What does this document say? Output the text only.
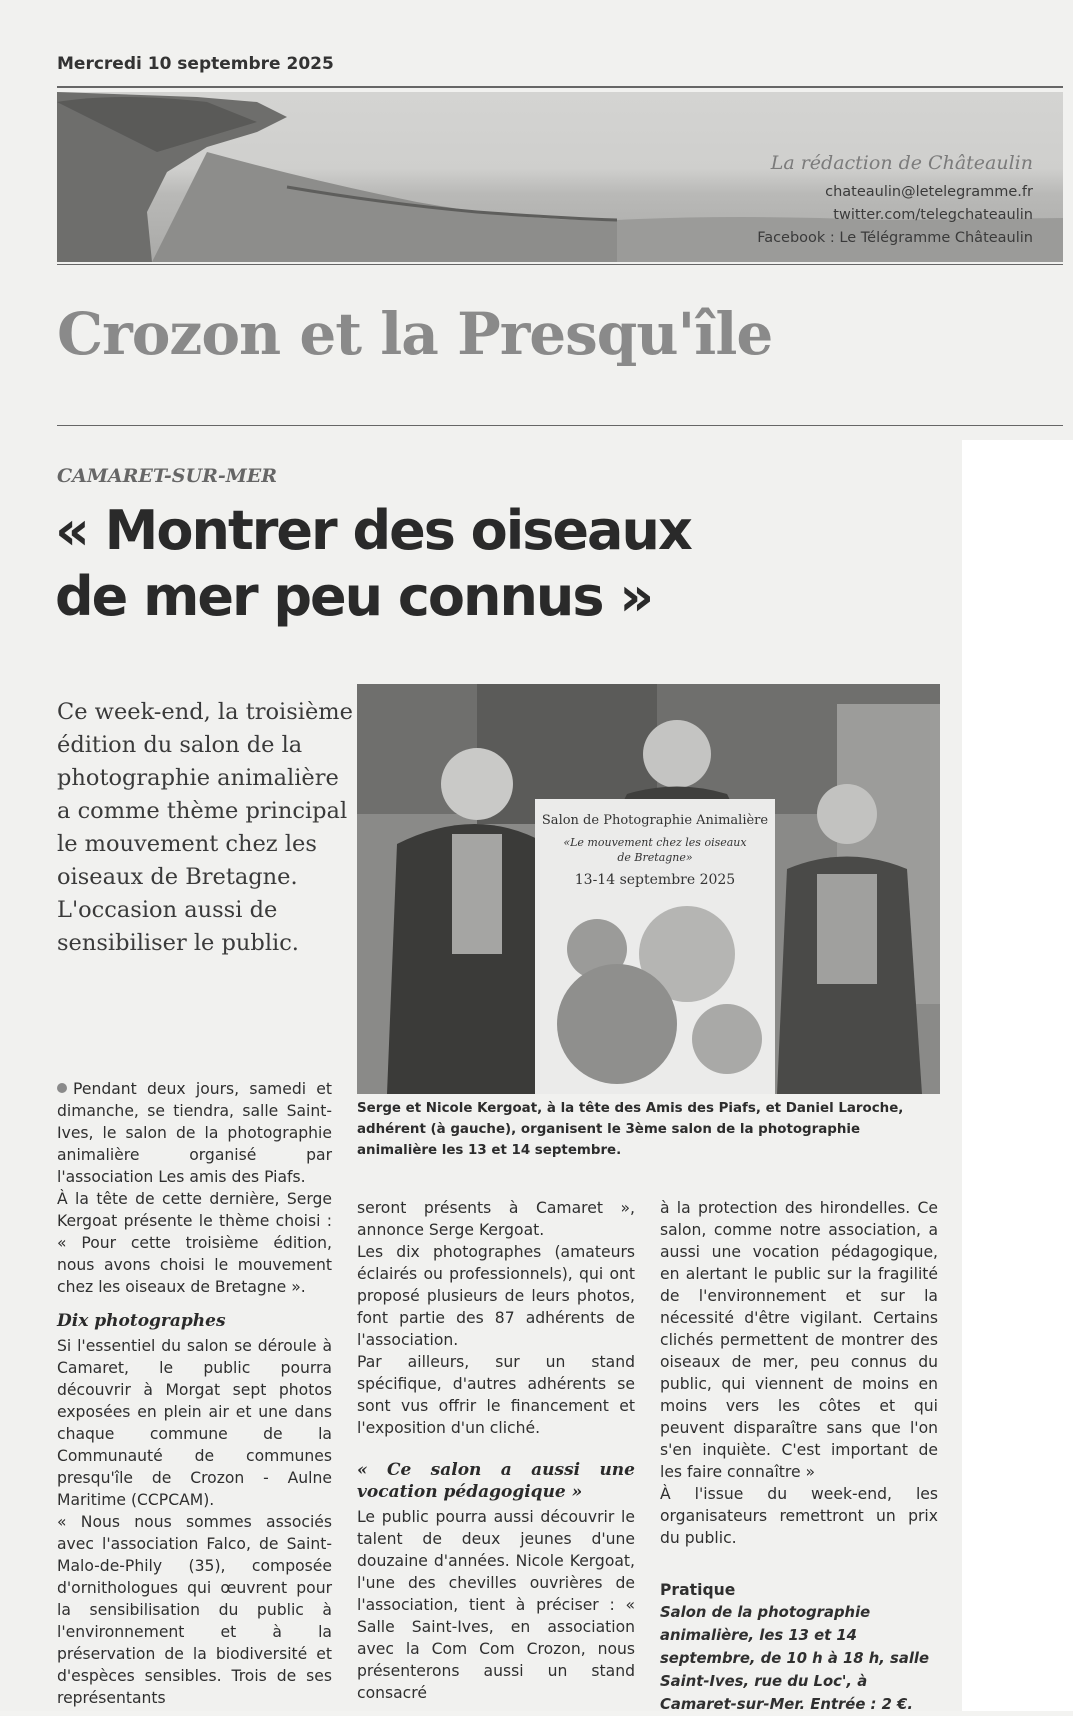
Mercredi 10 septembre 2025
La rédaction de Châteaulin
chateaulin@letelegramme.fr
twitter.com/telegchateaulin
Facebook : Le Télégramme Châteaulin
Crozon et la Presqu'île
CAMARET-SUR-MER
« Montrer des oiseaux
de mer peu connus »
Ce week-end, la troisième édition du salon de la photographie animalière a comme thème principal le mouvement chez les oiseaux de Bretagne. L'occasion aussi de sensibiliser le public.
Salon de Photographie Animalière
«Le mouvement chez les oiseaux
de Bretagne»
13-14 septembre 2025
Serge et Nicole Kergoat, à la tête des Amis des Piafs, et Daniel Laroche, adhérent (à gauche), organisent le 3ème salon de la photographie animalière les 13 et 14 septembre.

Pendant deux jours, samedi et dimanche, se tiendra, salle Saint-Ives, le salon de la photographie animalière organisé par l'association Les amis des Piafs.

À la tête de cette dernière, Serge Kergoat présente le thème choisi : « Pour cette troisième édition, nous avons choisi le mouvement chez les oiseaux de Bretagne ».

Dix photographes

Si l'essentiel du salon se déroule à Camaret, le public pourra découvrir à Morgat sept photos exposées en plein air et une dans chaque commune de la Communauté de communes presqu'île de Crozon - Aulne Maritime (CCPCAM).

« Nous nous sommes associés avec l'association Falco, de Saint-Malo-de-Phily (35), composée d'ornithologues qui œuvrent pour la sensibilisation du public à l'environnement et à la préservation de la biodiversité et d'espèces sensibles. Trois de ses représentants

seront présents à Camaret », annonce Serge Kergoat.

Les dix photographes (amateurs éclairés ou professionnels), qui ont proposé plusieurs de leurs photos, font partie des 87 adhérents de l'association.

Par ailleurs, sur un stand spécifique, d'autres adhérents se sont vus offrir le financement et l'exposition d'un cliché.

« Ce salon a aussi une vocation pédagogique »

Le public pourra aussi découvrir le talent de deux jeunes d'une douzaine d'années. Nicole Kergoat, l'une des chevilles ouvrières de l'association, tient à préciser : « Salle Saint-Ives, en association avec la Com Com Crozon, nous présenterons aussi un stand consacré

à la protection des hirondelles. Ce salon, comme notre association, a aussi une vocation pédagogique, en alertant le public sur la fragilité de l'environnement et sur la nécessité d'être vigilant. Certains clichés permettent de montrer des oiseaux de mer, peu connus du public, qui viennent de moins en moins vers les côtes et qui peuvent disparaître sans que l'on s'en inquiète. C'est important de les faire connaître »

À l'issue du week-end, les organisateurs remettront un prix du public.

Pratique
Salon de la photographie animalière, les 13 et 14 septembre, de 10 h à 18 h, salle Saint-Ives, rue du Loc', à Camaret-sur-Mer. Entrée : 2 €.
